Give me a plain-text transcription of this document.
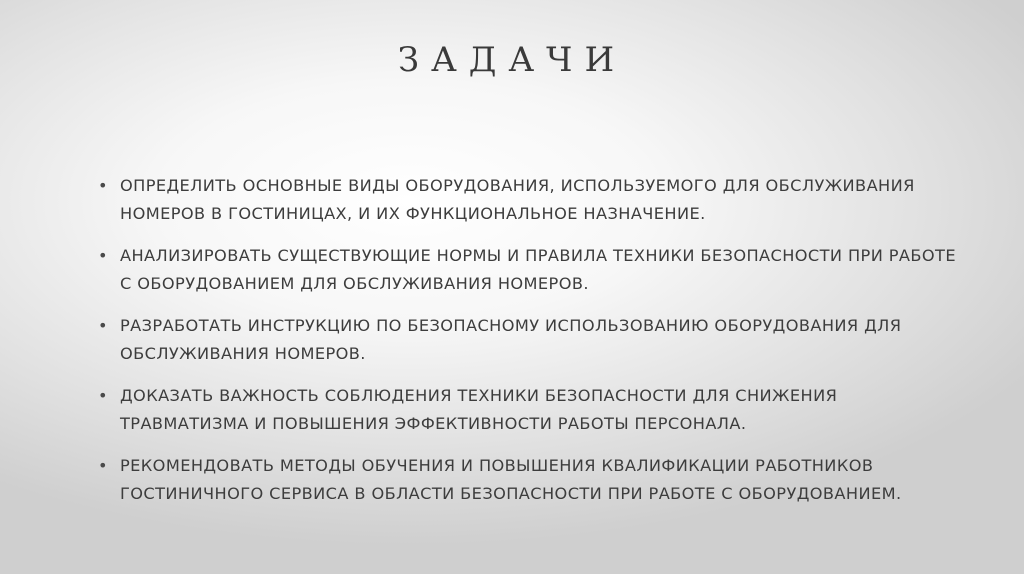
ЗАДАЧИ
• ОПРЕДЕЛИТЬ ОСНОВНЫЕ ВИДЫ ОБОРУДОВАНИЯ, ИСПОЛЬЗУЕМОГО ДЛЯ ОБСЛУЖИВАНИЯ НОМЕРОВ В ГОСТИНИЦАХ, И ИХ ФУНКЦИОНАЛЬНОЕ НАЗНАЧЕНИЕ.
• АНАЛИЗИРОВАТЬ СУЩЕСТВУЮЩИЕ НОРМЫ И ПРАВИЛА ТЕХНИКИ БЕЗОПАСНОСТИ ПРИ РАБОТЕ С ОБОРУДОВАНИЕМ ДЛЯ ОБСЛУЖИВАНИЯ НОМЕРОВ.
• РАЗРАБОТАТЬ ИНСТРУКЦИЮ ПО БЕЗОПАСНОМУ ИСПОЛЬЗОВАНИЮ ОБОРУДОВАНИЯ ДЛЯ ОБСЛУЖИВАНИЯ НОМЕРОВ.
• ДОКАЗАТЬ ВАЖНОСТЬ СОБЛЮДЕНИЯ ТЕХНИКИ БЕЗОПАСНОСТИ ДЛЯ СНИЖЕНИЯ ТРАВМАТИЗМА И ПОВЫШЕНИЯ ЭФФЕКТИВНОСТИ РАБОТЫ ПЕРСОНАЛА.
• РЕКОМЕНДОВАТЬ МЕТОДЫ ОБУЧЕНИЯ И ПОВЫШЕНИЯ КВАЛИФИКАЦИИ РАБОТНИКОВ ГОСТИНИЧНОГО СЕРВИСА В ОБЛАСТИ БЕЗОПАСНОСТИ ПРИ РАБОТЕ С ОБОРУДОВАНИЕМ.
